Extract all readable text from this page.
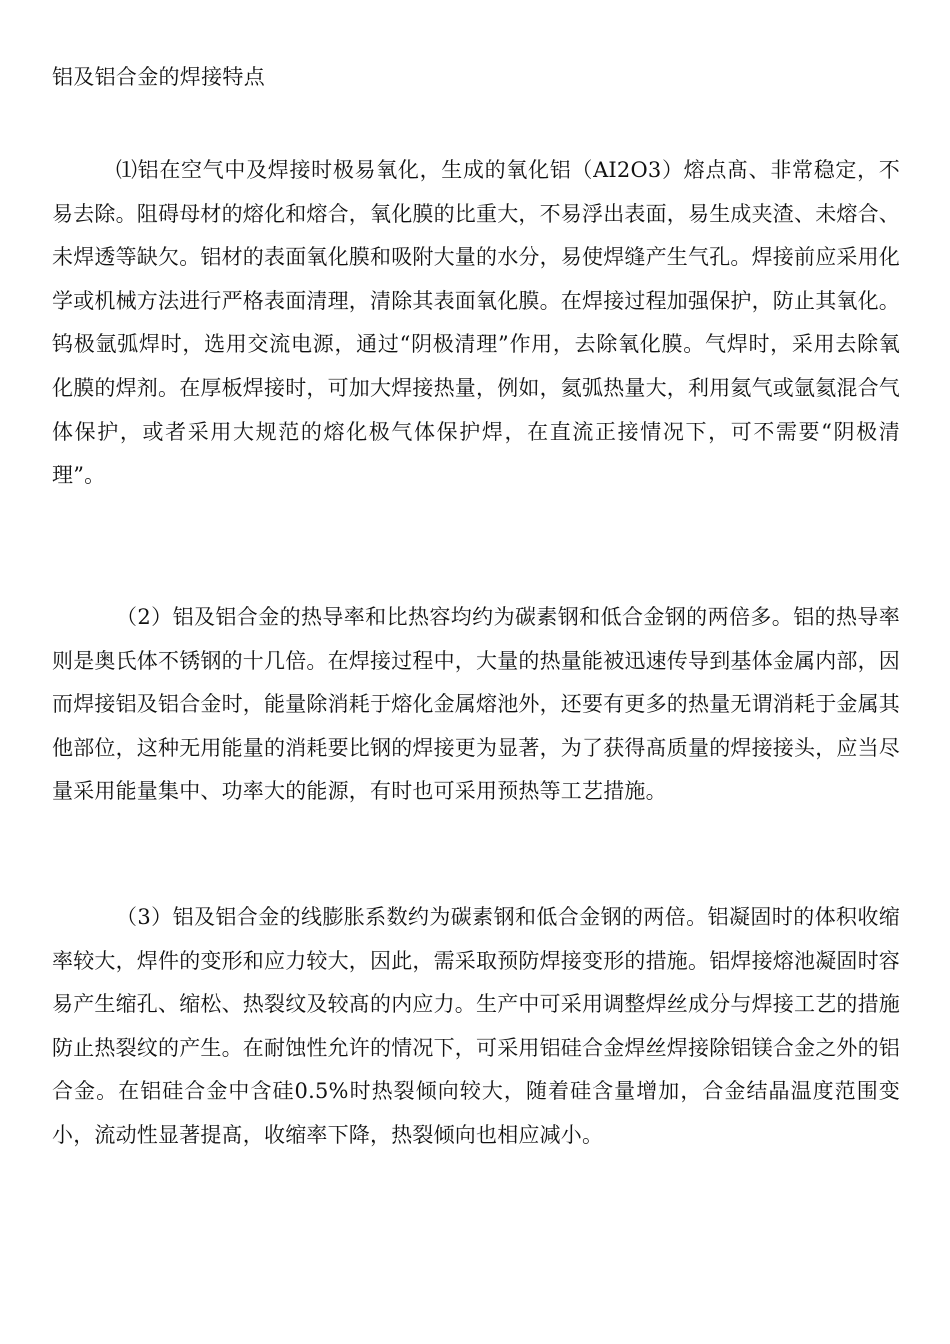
铝及铝合金的焊接特点

⑴铝在空气中及焊接时极易氧化，生成的氧化铝（AI2O3）熔点髙、非常稳定，不易去除。阻碍母材的熔化和熔合，氧化膜的比重大，不易浮出表面，易生成夹渣、未熔合、未焊透等缺欠。铝材的表面氧化膜和吸附大量的水分，易使焊缝产生气孔。焊接前应采用化学或机械方法进行严格表面清理，清除其表面氧化膜。在焊接过程加强保护，防止其氧化。钨极氩弧焊时，选用交流电源，通过“阴极清理”作用，去除氧化膜。气焊时，采用去除氧化膜的焊剂。在厚板焊接时，可加大焊接热量，例如，氦弧热量大，利用氦气或氩氦混合气体保护，或者采用大规范的熔化极气体保护焊，在直流正接情况下，可不需要“阴极清理”。

（2）铝及铝合金的热导率和比热容均约为碳素钢和低合金钢的两倍多。铝的热导率则是奥氏体不锈钢的十几倍。在焊接过程中，大量的热量能被迅速传导到基体金属内部，因而焊接铝及铝合金时，能量除消耗于熔化金属熔池外，还要有更多的热量无谓消耗于金属其他部位，这种无用能量的消耗要比钢的焊接更为显著，为了获得髙质量的焊接接头，应当尽量采用能量集中、功率大的能源，有时也可采用预热等工艺措施。

（3）铝及铝合金的线膨胀系数约为碳素钢和低合金钢的两倍。铝凝固时的体积收缩率较大，焊件的变形和应力较大，因此，需采取预防焊接变形的措施。铝焊接熔池凝固时容易产生缩孔、缩松、热裂纹及较髙的内应力。生产中可采用调整焊丝成分与焊接工艺的措施防止热裂纹的产生。在耐蚀性允许的情况下，可采用铝硅合金焊丝焊接除铝镁合金之外的铝合金。在铝硅合金中含硅0.5%时热裂倾向较大，随着硅含量增加，合金结晶温度范围变小，流动性显著提髙，收缩率下降，热裂倾向也相应减小。
